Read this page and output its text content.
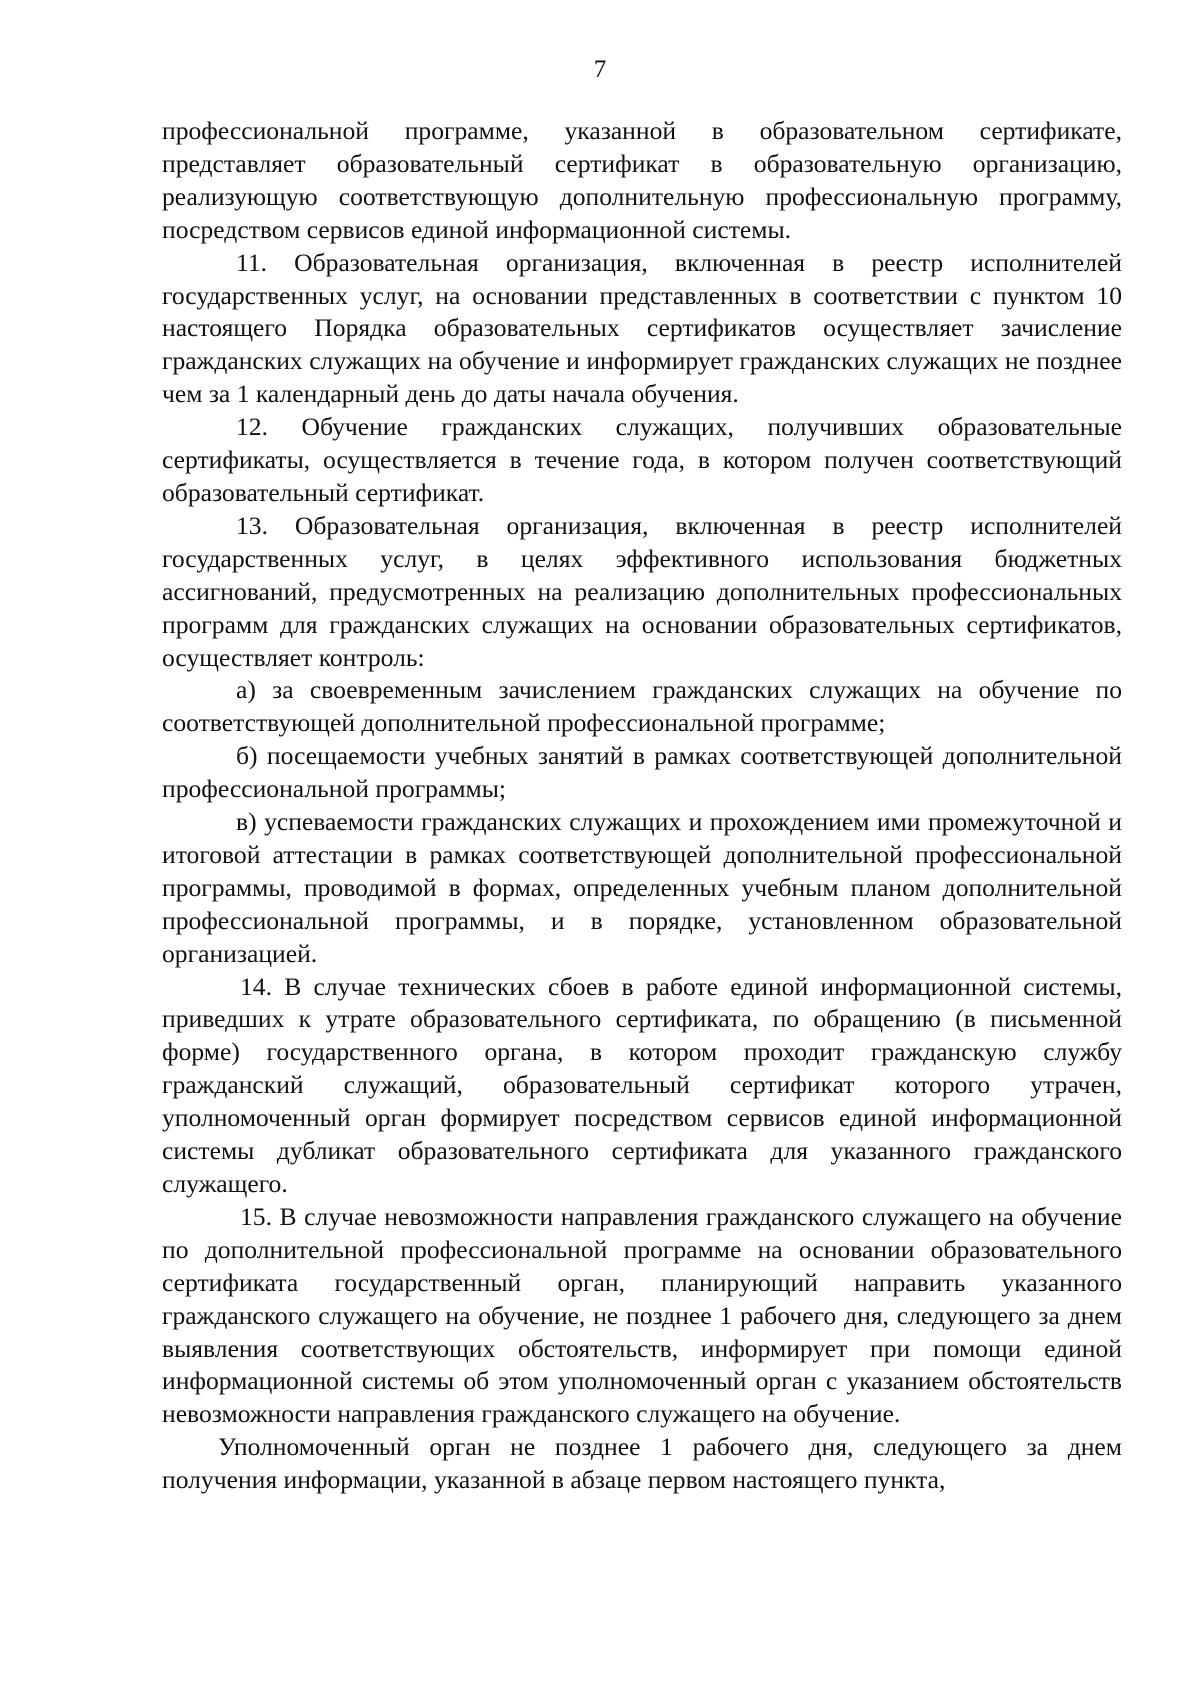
7

профессиональной программе, указанной в образовательном сертификате, представляет образовательный сертификат в образовательную организацию, реализующую соответствующую дополнительную профессиональную программу, посредством сервисов единой информационной системы.

11. Образовательная организация, включенная в реестр исполнителей государственных услуг, на основании представленных в соответствии с пунктом 10 настоящего Порядка образовательных сертификатов осуществляет зачисление гражданских служащих на обучение и информирует гражданских служащих не позднее чем за 1 календарный день до даты начала обучения.

12. Обучение гражданских служащих, получивших образовательные сертификаты, осуществляется в течение года, в котором получен соответствующий образовательный сертификат.

13. Образовательная организация, включенная в реестр исполнителей государственных услуг, в целях эффективного использования бюджетных ассигнований, предусмотренных на реализацию дополнительных профессиональных программ для гражданских служащих на основании образовательных сертификатов, осуществляет контроль:

а) за своевременным зачислением гражданских служащих на обучение по соответствующей дополнительной профессиональной программе;

б) посещаемости учебных занятий в рамках соответствующей дополнительной профессиональной программы;

в) успеваемости гражданских служащих и прохождением ими промежуточной и итоговой аттестации в рамках соответствующей дополнительной профессиональной программы, проводимой в формах, определенных учебным планом дополнительной профессиональной программы, и в порядке, установленном образовательной организацией.

14. В случае технических сбоев в работе единой информационной системы, приведших к утрате образовательного сертификата, по обращению (в письменной форме) государственного органа, в котором проходит гражданскую службу гражданский служащий, образовательный сертификат которого утрачен, уполномоченный орган формирует посредством сервисов единой информационной системы дубликат образовательного сертификата для указанного гражданского служащего.

15. В случае невозможности направления гражданского служащего на обучение по дополнительной профессиональной программе на основании образовательного сертификата государственный орган, планирующий направить указанного гражданского служащего на обучение, не позднее 1 рабочего дня, следующего за днем выявления соответствующих обстоятельств, информирует при помощи единой информационной системы об этом уполномоченный орган с указанием обстоятельств невозможности направления гражданского служащего на обучение.

Уполномоченный орган не позднее 1 рабочего дня, следующего за днем получения информации, указанной в абзаце первом настоящего пункта,
